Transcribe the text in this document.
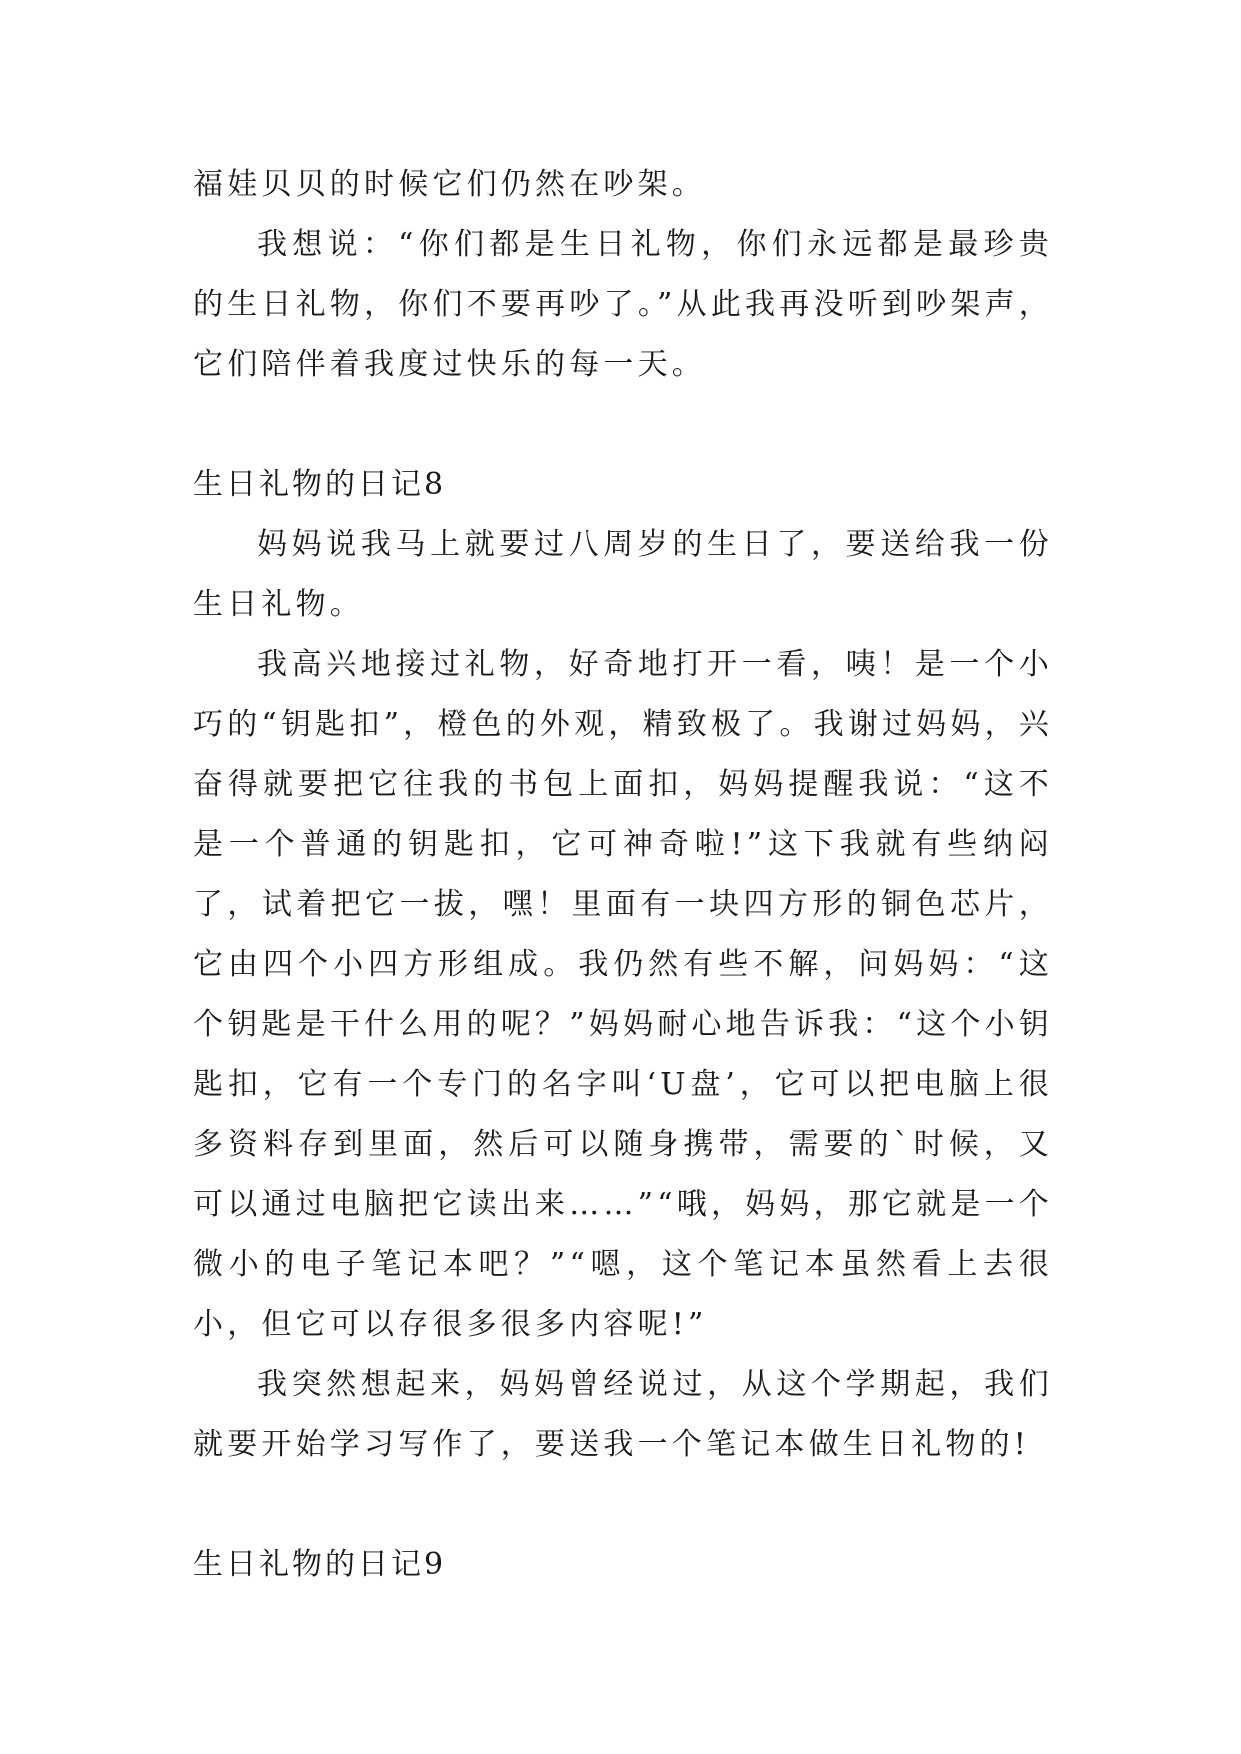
福娃贝贝的时候它们仍然在吵架。

我想说：“你们都是生日礼物，你们永远都是最珍贵的生日礼物，你们不要再吵了。”从此我再没听到吵架声，它们陪伴着我度过快乐的每一天。

生日礼物的日记8

妈妈说我马上就要过八周岁的生日了，要送给我一份生日礼物。

我高兴地接过礼物，好奇地打开一看，咦！是一个小巧的“钥匙扣”，橙色的外观，精致极了。我谢过妈妈，兴奋得就要把它往我的书包上面扣，妈妈提醒我说：“这不是一个普通的钥匙扣，它可神奇啦!”这下我就有些纳闷了，试着把它一拔，嘿！里面有一块四方形的铜色芯片，它由四个小四方形组成。我仍然有些不解，问妈妈：“这个钥匙是干什么用的呢？”妈妈耐心地告诉我：“这个小钥匙扣，它有一个专门的名字叫‘U盘’，它可以把电脑上很多资料存到里面，然后可以随身携带，需要的`时候，又可以通过电脑把它读出来……”“哦，妈妈，那它就是一个微小的电子笔记本吧？”“嗯，这个笔记本虽然看上去很小，但它可以存很多很多内容呢!”

我突然想起来，妈妈曾经说过，从这个学期起，我们就要开始学习写作了，要送我一个笔记本做生日礼物的!

生日礼物的日记9
